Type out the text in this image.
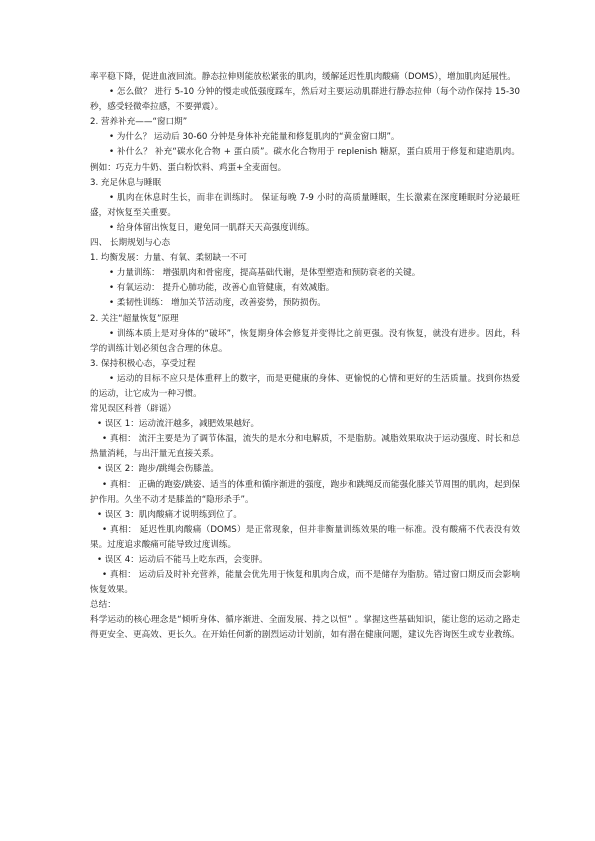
率平稳下降，促进血液回流。静态拉伸则能放松紧张的肌肉，缓解延迟性肌肉酸痛（DOMS），增加肌肉延展性。

• 怎么做？ 进行 5-10 分钟的慢走或低强度踩车，然后对主要运动肌群进行静态拉伸（每个动作保持 15-30 秒，感受轻微牵拉感，不要弹震）。

2. 营养补充——“窗口期”

• 为什么？ 运动后 30-60 分钟是身体补充能量和修复肌肉的“黄金窗口期”。

• 补什么？ 补充“碳水化合物 + 蛋白质”。碳水化合物用于 replenish 糖原，蛋白质用于修复和建造肌肉。例如：巧克力牛奶、蛋白粉饮料、鸡蛋+全麦面包。

3. 充足休息与睡眠

• 肌肉在休息时生长，而非在训练时。 保证每晚 7-9 小时的高质量睡眠，生长激素在深度睡眠时分泌最旺盛，对恢复至关重要。

• 给身体留出恢复日，避免同一肌群天天高强度训练。

四、 长期规划与心态

1. 均衡发展：力量、有氧、柔韧缺一不可

• 力量训练： 增强肌肉和骨密度，提高基础代谢，是体型塑造和预防衰老的关键。

• 有氧运动： 提升心肺功能，改善心血管健康，有效减脂。

• 柔韧性训练： 增加关节活动度，改善姿势，预防损伤。

2. 关注“超量恢复”原理

• 训练本质上是对身体的“破坏”，恢复期身体会修复并变得比之前更强。没有恢复，就没有进步。因此，科学的训练计划必须包含合理的休息。

3. 保持积极心态，享受过程

• 运动的目标不应只是体重秤上的数字，而是更健康的身体、更愉悦的心情和更好的生活质量。找到你热爱的运动，让它成为一种习惯。

常见误区科普（辟谣）

• 误区 1：运动流汗越多，减肥效果越好。

• 真相： 流汗主要是为了调节体温，流失的是水分和电解质，不是脂肪。减脂效果取决于运动强度、时长和总热量消耗，与出汗量无直接关系。

• 误区 2：跑步/跳绳会伤膝盖。

• 真相： 正确的跑姿/跳姿、适当的体重和循序渐进的强度，跑步和跳绳反而能强化膝关节周围的肌肉，起到保护作用。久坐不动才是膝盖的“隐形杀手”。

• 误区 3：肌肉酸痛才说明练到位了。

• 真相： 延迟性肌肉酸痛（DOMS）是正常现象，但并非衡量训练效果的唯一标准。没有酸痛不代表没有效果。过度追求酸痛可能导致过度训练。

• 误区 4：运动后不能马上吃东西，会变胖。

• 真相： 运动后及时补充营养，能量会优先用于恢复和肌肉合成，而不是储存为脂肪。错过窗口期反而会影响恢复效果。

总结：

科学运动的核心理念是“倾听身体、循序渐进、全面发展、持之以恒” 。掌握这些基础知识，能让您的运动之路走得更安全、更高效、更长久。在开始任何新的剧烈运动计划前，如有潜在健康问题，建议先咨询医生或专业教练。
